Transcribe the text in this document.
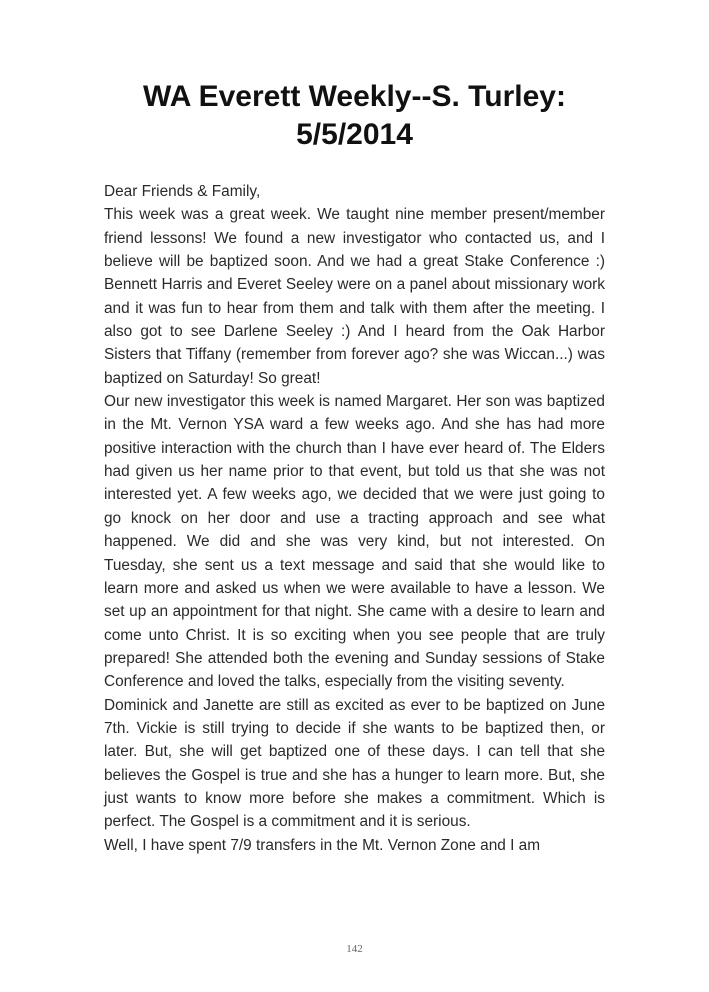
WA Everett Weekly--S. Turley:
5/5/2014

Dear Friends & Family,

This week was a great week. We taught nine member present/member friend lessons! We found a new investigator who contacted us, and I believe will be baptized soon. And we had a great Stake Conference :) Bennett Harris and Everet Seeley were on a panel about missionary work and it was fun to hear from them and talk with them after the meeting. I also got to see Darlene Seeley :) And I heard from the Oak Harbor Sisters that Tiffany (remember from forever ago? she was Wiccan...) was baptized on Saturday! So great!

Our new investigator this week is named Margaret. Her son was baptized in the Mt. Vernon YSA ward a few weeks ago. And she has had more positive interaction with the church than I have ever heard of. The Elders had given us her name prior to that event, but told us that she was not interested yet. A few weeks ago, we decided that we were just going to go knock on her door and use a tracting approach and see what happened. We did and she was very kind, but not interested. On Tuesday, she sent us a text message and said that she would like to learn more and asked us when we were available to have a lesson. We set up an appointment for that night. She came with a desire to learn and come unto Christ. It is so exciting when you see people that are truly prepared! She attended both the evening and Sunday sessions of Stake Conference and loved the talks, especially from the visiting seventy.

Dominick and Janette are still as excited as ever to be baptized on June 7th. Vickie is still trying to decide if she wants to be baptized then, or later. But, she will get baptized one of these days. I can tell that she believes the Gospel is true and she has a hunger to learn more. But, she just wants to know more before she makes a commitment. Which is perfect. The Gospel is a commitment and it is serious.

Well, I have spent 7/9 transfers in the Mt. Vernon Zone and I am

142
